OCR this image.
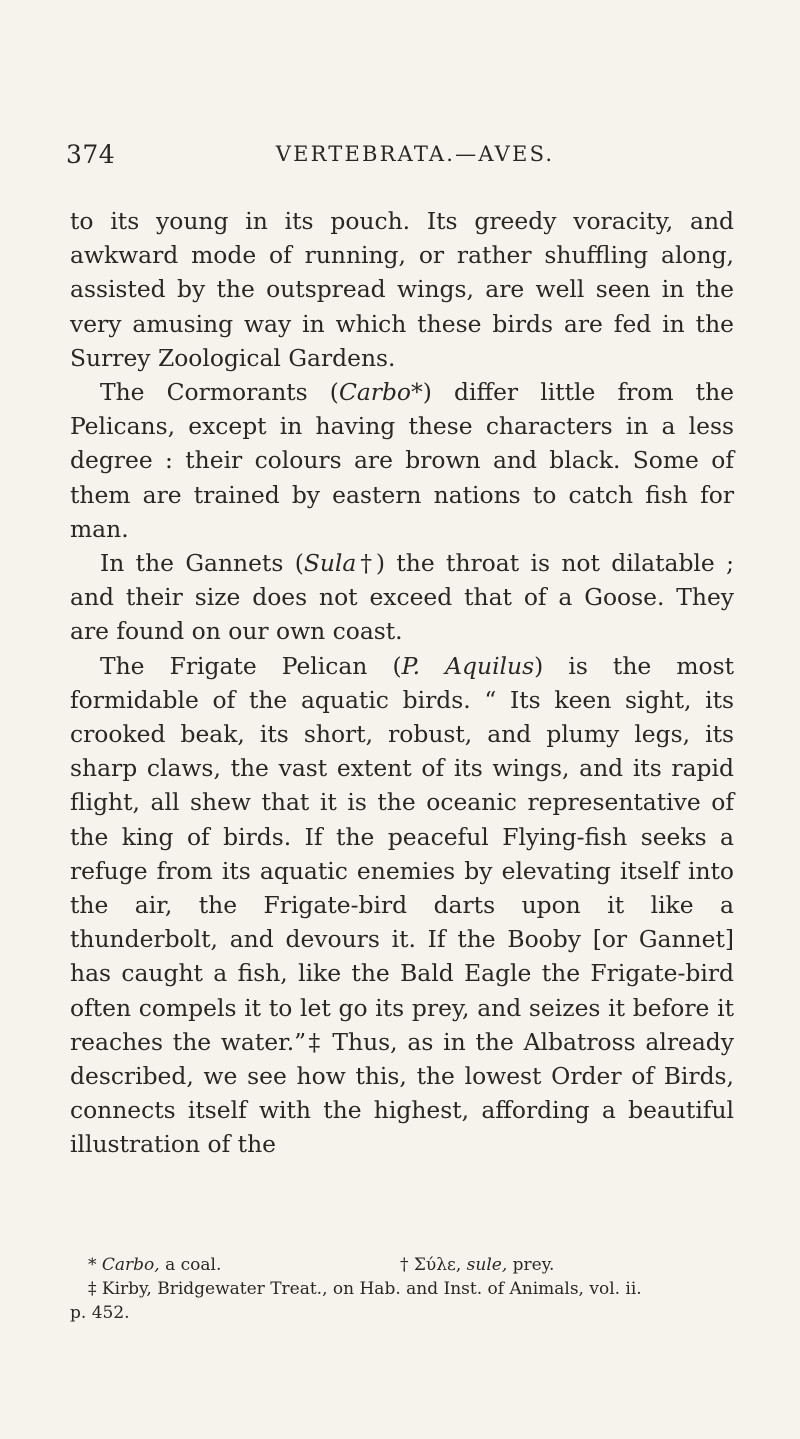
374	VERTEBRATA.—AVES.

to its young in its pouch. Its greedy voracity, and awkward mode of running, or rather shuffling along, assisted by the outspread wings, are well seen in the very amusing way in which these birds are fed in the Surrey Zoological Gardens.

The Cormorants (Carbo*) differ little from the Pelicans, except in having these characters in a less degree : their colours are brown and black. Some of them are trained by eastern nations to catch fish for man.

In the Gannets (Sula†) the throat is not dilatable ; and their size does not exceed that of a Goose. They are found on our own coast.

The Frigate Pelican (P. Aquilus) is the most formidable of the aquatic birds. “ Its keen sight, its crooked beak, its short, robust, and plumy legs, its sharp claws, the vast extent of its wings, and its rapid flight, all shew that it is the oceanic representative of the king of birds. If the peaceful Flying-fish seeks a refuge from its aquatic enemies by elevating itself into the air, the Frigate-bird darts upon it like a thunderbolt, and devours it. If the Booby [or Gannet] has caught a fish, like the Bald Eagle the Frigate-bird often compels it to let go its prey, and seizes it before it reaches the water.”‡ Thus, as in the Albatross already described, we see how this, the lowest Order of Birds, connects itself with the highest, affording a beautiful illustration of the

* Carbo, a coal.	† Σύλε, sule, prey.

‡ Kirby, Bridgewater Treat., on Hab. and Inst. of Animals, vol. ii.

p. 452.
